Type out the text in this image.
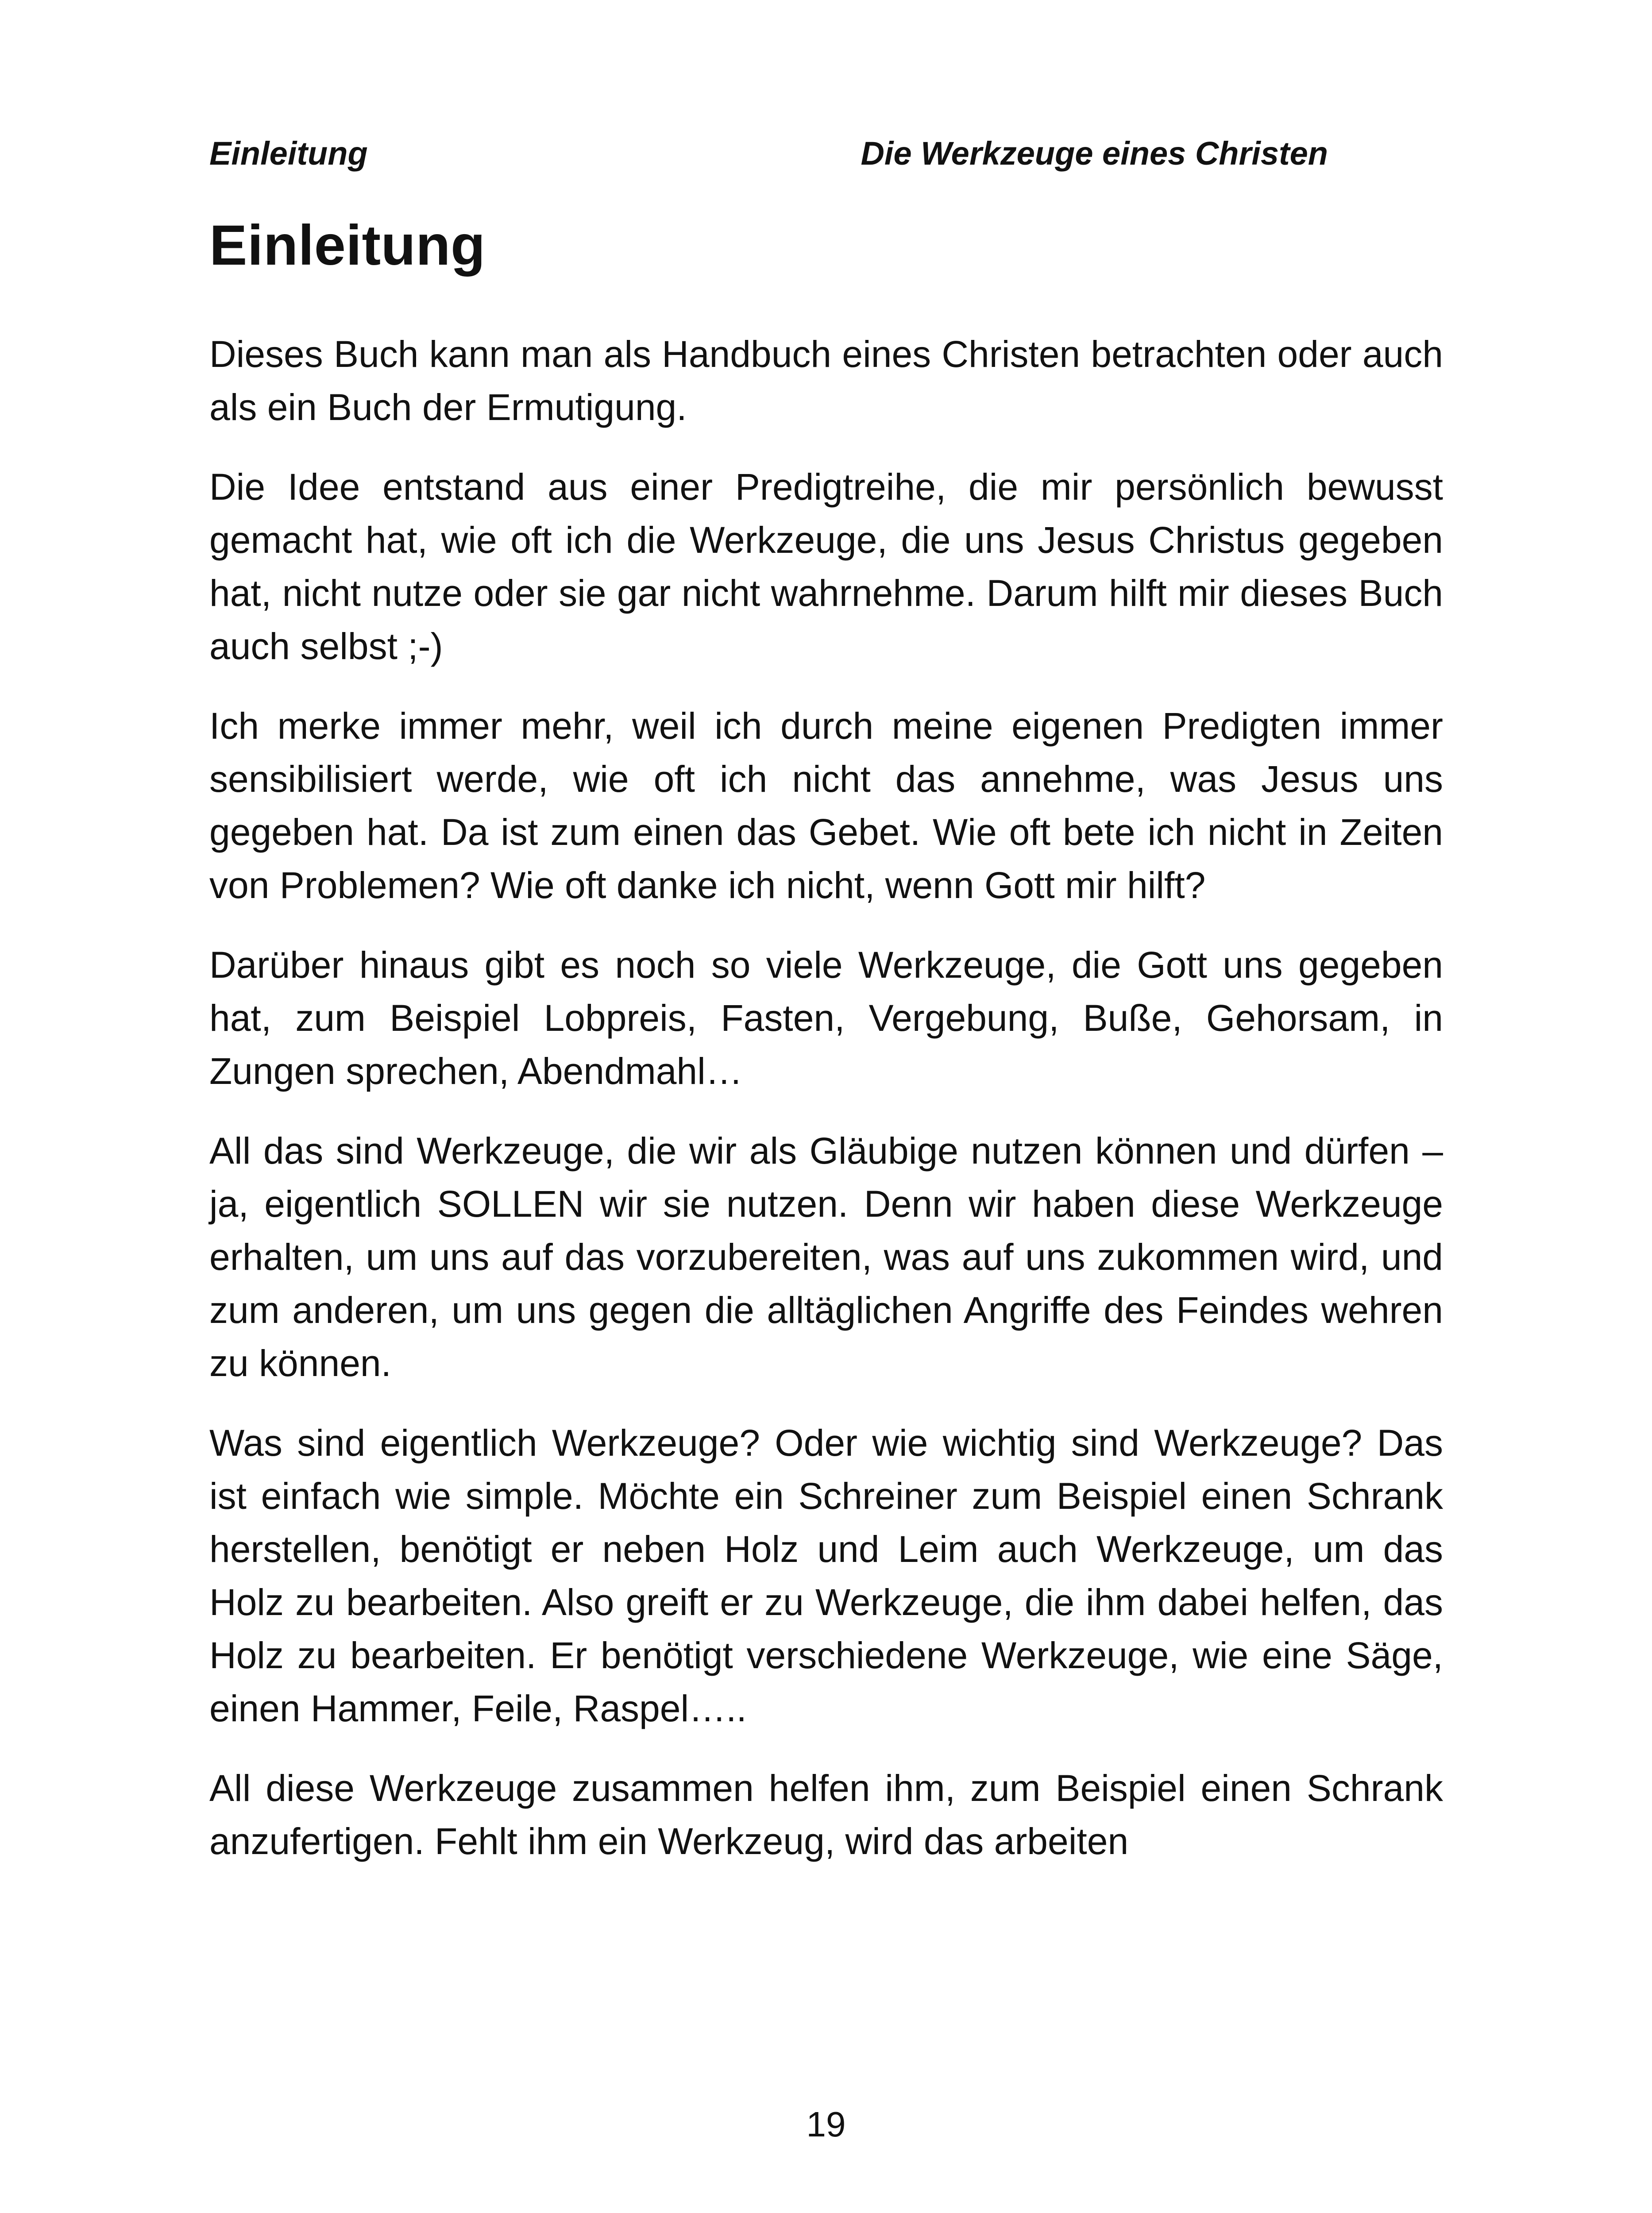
Einleitung	Die Werkzeuge eines Christen
Einleitung

Dieses Buch kann man als Handbuch eines Christen betrachten oder auch als ein Buch der Ermutigung.

Die Idee entstand aus einer Predigtreihe, die mir persönlich bewusst gemacht hat, wie oft ich die Werkzeuge, die uns Jesus Christus gegeben hat, nicht nutze oder sie gar nicht wahrnehme. Darum hilft mir dieses Buch auch selbst ;-)

Ich merke immer mehr, weil ich durch meine eigenen Predigten immer sensibilisiert werde, wie oft ich nicht das annehme, was Jesus uns gegeben hat. Da ist zum einen das Gebet. Wie oft bete ich nicht in Zeiten von Problemen? Wie oft danke ich nicht, wenn Gott mir hilft?

Darüber hinaus gibt es noch so viele Werkzeuge, die Gott uns gegeben hat, zum Beispiel Lobpreis, Fasten, Vergebung, Buße, Gehorsam, in Zungen sprechen, Abendmahl…

All das sind Werkzeuge, die wir als Gläubige nutzen können und dürfen – ja, eigentlich SOLLEN wir sie nutzen. Denn wir haben diese Werkzeuge erhalten, um uns auf das vorzubereiten, was auf uns zukommen wird, und zum anderen, um uns gegen die alltäglichen Angriffe des Feindes wehren zu können.

Was sind eigentlich Werkzeuge? Oder wie wichtig sind Werkzeuge? Das ist einfach wie simple. Möchte ein Schreiner zum Beispiel einen Schrank herstellen, benötigt er neben Holz und Leim auch Werkzeuge, um das Holz zu bearbeiten. Also greift er zu Werkzeuge, die ihm dabei helfen, das Holz zu bearbeiten. Er benötigt verschiedene Werkzeuge, wie eine Säge, einen Hammer, Feile, Raspel…..

All diese Werkzeuge zusammen helfen ihm, zum Beispiel einen Schrank anzufertigen. Fehlt ihm ein Werkzeug, wird das arbeiten

19
